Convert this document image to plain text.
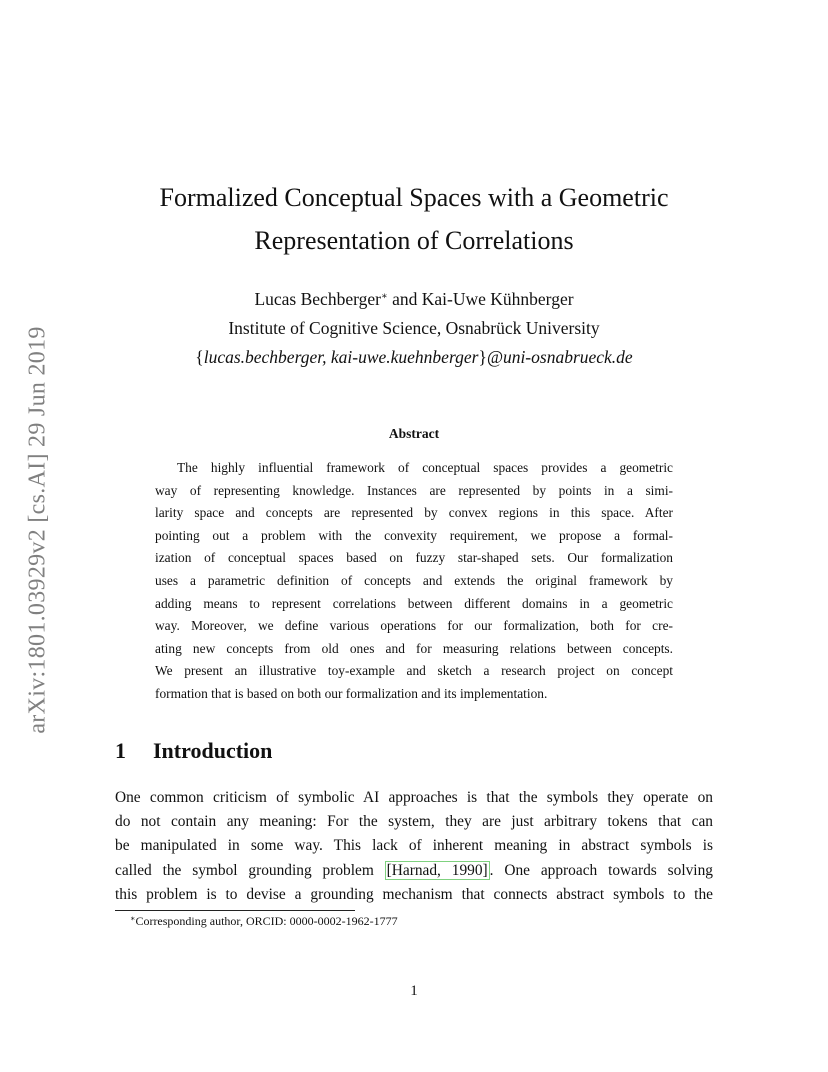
arXiv:1801.03929v2 [cs.AI] 29 Jun 2019
Formalized Conceptual Spaces with a Geometric
Representation of Correlations
Lucas Bechberger∗ and Kai-Uwe Kühnberger
Institute of Cognitive Science, Osnabrück University
{lucas.bechberger, kai-uwe.kuehnberger}@uni-osnabrueck.de
Abstract
The highly influential framework of conceptual spaces provides a geometric
way of representing knowledge. Instances are represented by points in a simi-
larity space and concepts are represented by convex regions in this space. After
pointing out a problem with the convexity requirement, we propose a formal-
ization of conceptual spaces based on fuzzy star-shaped sets. Our formalization
uses a parametric definition of concepts and extends the original framework by
adding means to represent correlations between different domains in a geometric
way. Moreover, we define various operations for our formalization, both for cre-
ating new concepts from old ones and for measuring relations between concepts.
We present an illustrative toy-example and sketch a research project on concept
formation that is based on both our formalization and its implementation.
1 Introduction
One common criticism of symbolic AI approaches is that the symbols they operate on
do not contain any meaning: For the system, they are just arbitrary tokens that can
be manipulated in some way. This lack of inherent meaning in abstract symbols is
called the symbol grounding problem [Harnad, 1990] . One approach towards solving
this problem is to devise a grounding mechanism that connects abstract symbols to the
∗Corresponding author, ORCID: 0000-0002-1962-1777
1
